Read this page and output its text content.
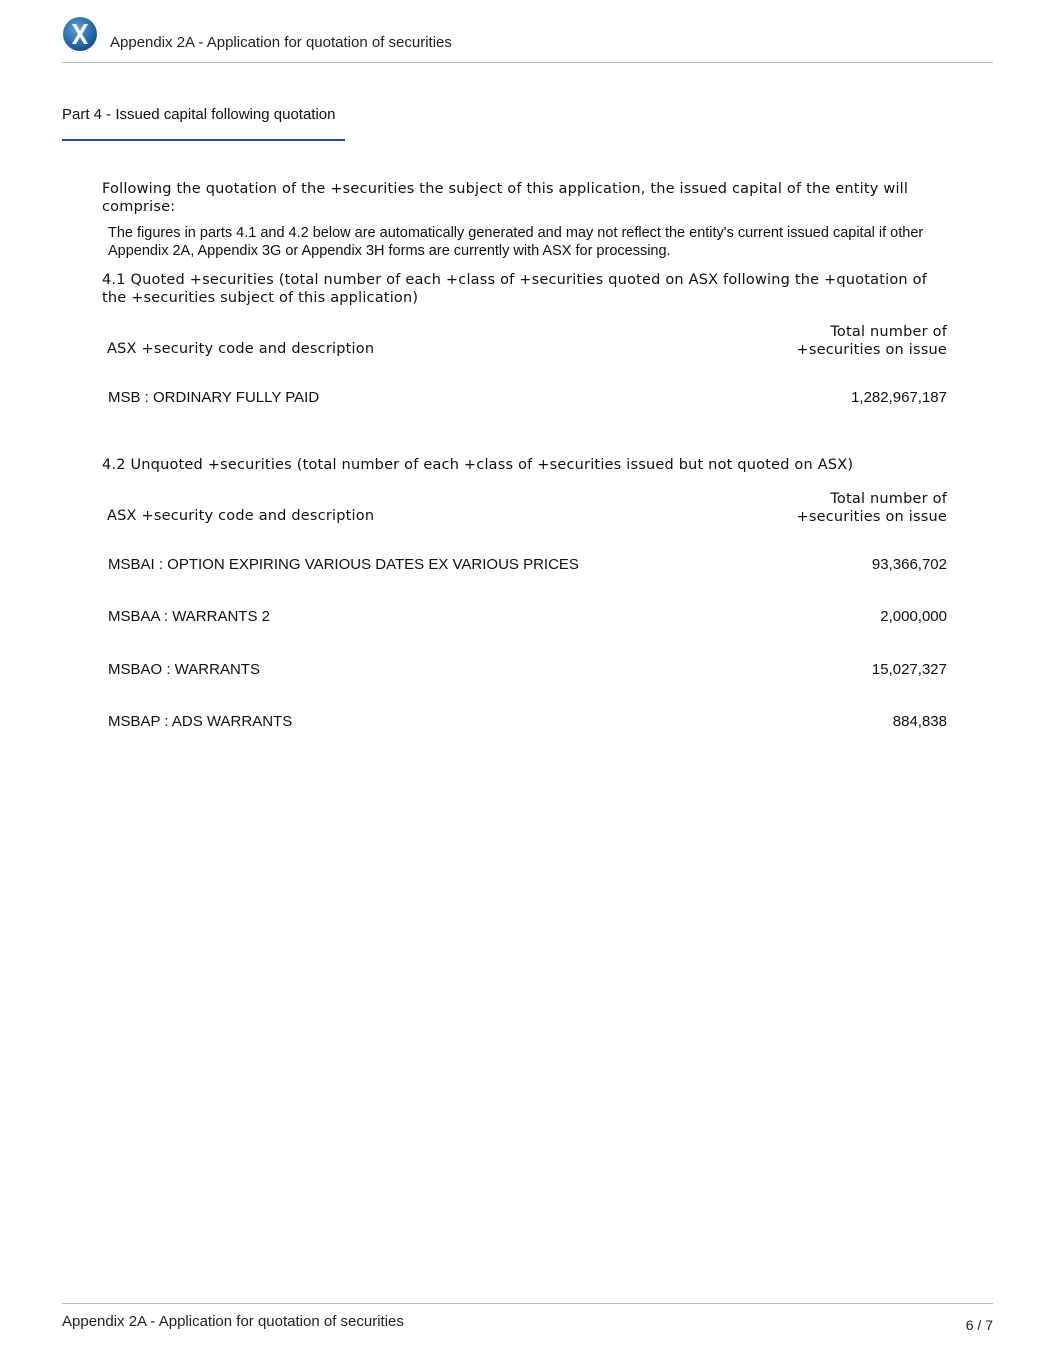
Appendix 2A - Application for quotation of securities
Part 4 - Issued capital following quotation
Following the quotation of the +securities the subject of this application, the issued capital of the entity will comprise:
The figures in parts 4.1 and 4.2 below are automatically generated and may not reflect the entity's current issued capital if other Appendix 2A, Appendix 3G or Appendix 3H forms are currently with ASX for processing.
4.1 Quoted +securities (total number of each +class of +securities quoted on ASX following the +quotation of the +securities subject of this application)
ASX +security code and description
Total number of
+securities on issue
MSB : ORDINARY FULLY PAID	1,282,967,187
4.2 Unquoted +securities (total number of each +class of +securities issued but not quoted on ASX)
ASX +security code and description
Total number of
+securities on issue
MSBAI : OPTION EXPIRING VARIOUS DATES EX VARIOUS PRICES	93,366,702
MSBAA : WARRANTS 2	2,000,000
MSBAO : WARRANTS	15,027,327
MSBAP : ADS WARRANTS	884,838
Appendix 2A - Application for quotation of securities	6 / 7
